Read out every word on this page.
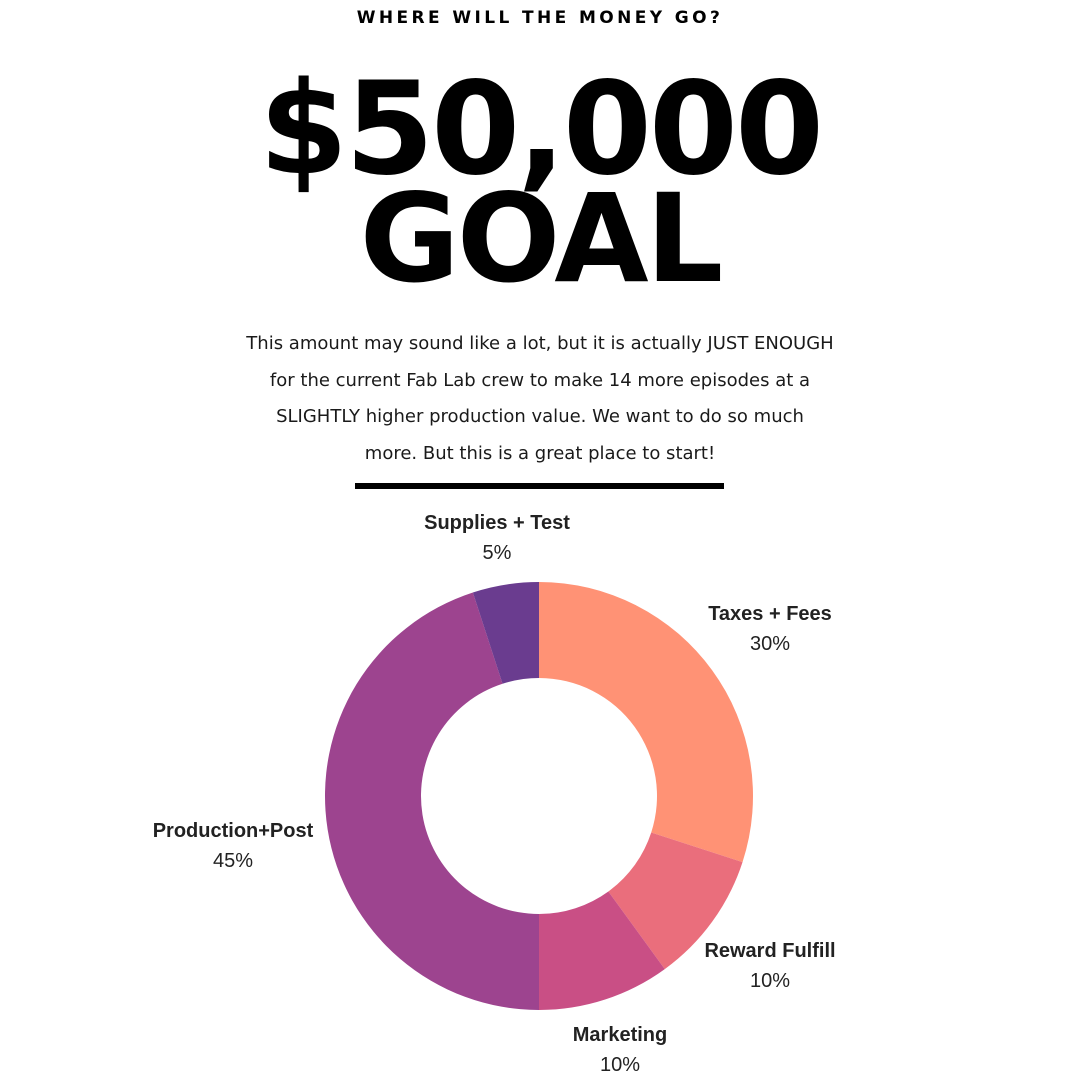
WHERE WILL THE MONEY GO?
$50,000
GOAL
This amount may sound like a lot, but it is actually JUST ENOUGH
for the current Fab Lab crew to make 14 more episodes at a
SLIGHTLY higher production value. We want to do so much
more. But this is a great place to start!
Taxes + Fees
30%
Reward Fulfill
10%
Marketing
10%
Production+Post
45%
Supplies + Test
5%
